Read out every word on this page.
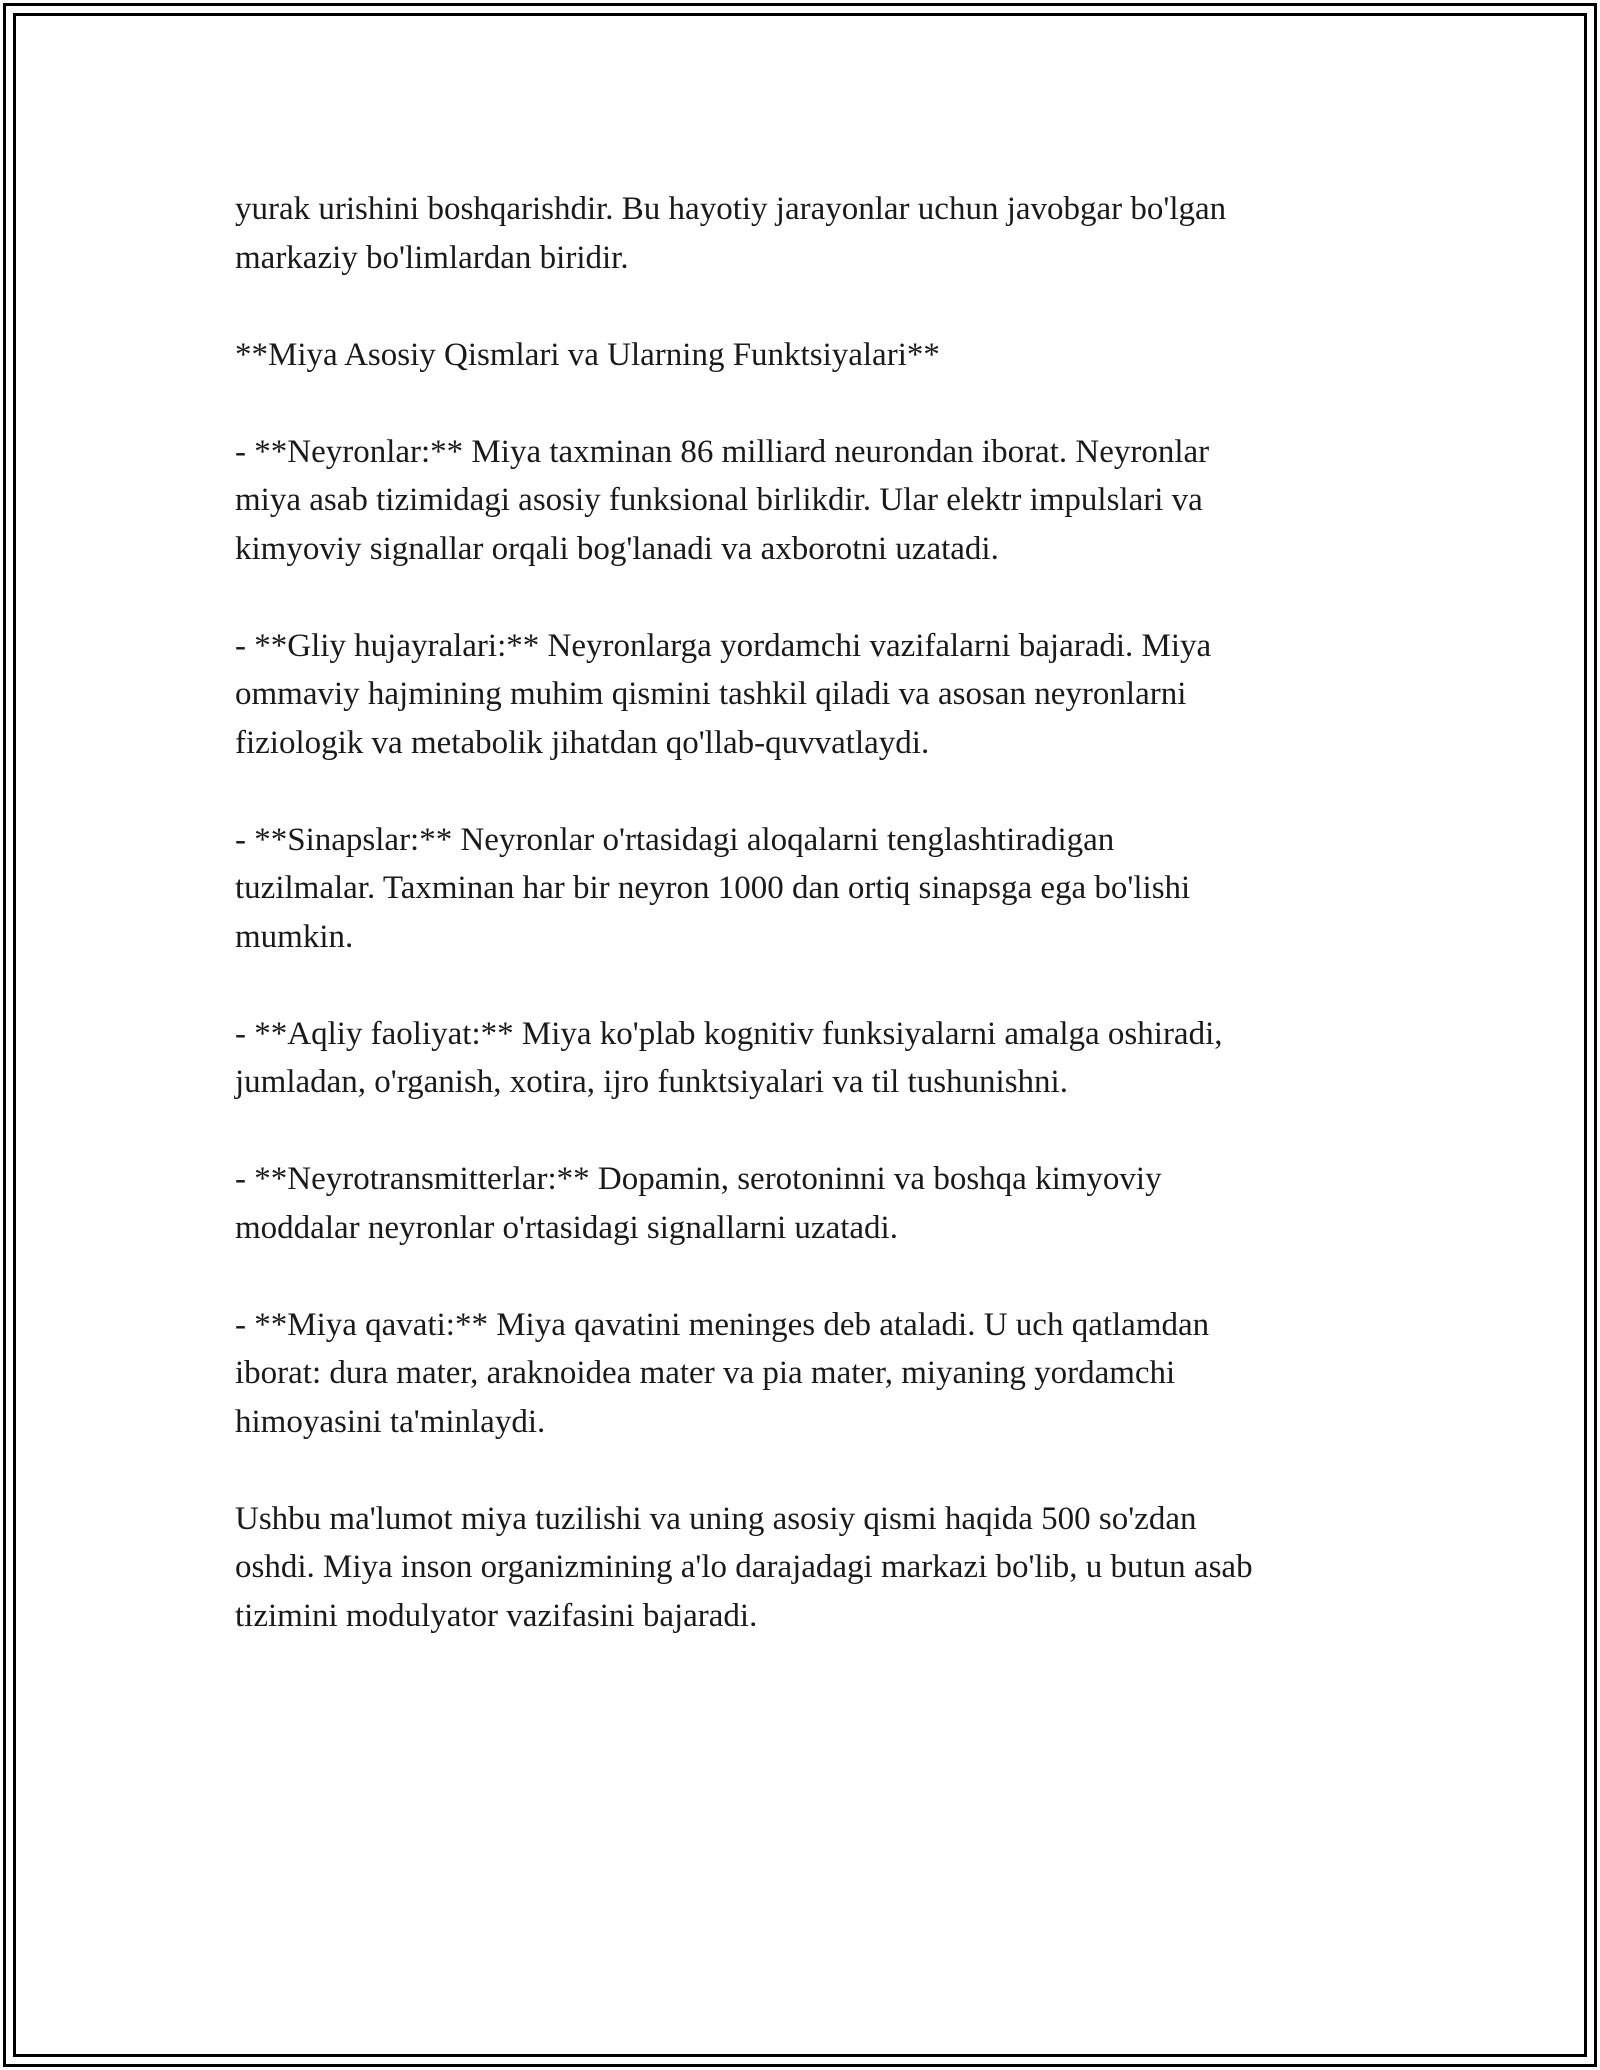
yurak urishini boshqarishdir. Bu hayotiy jarayonlar uchun javobgar bo'lgan
markaziy bo'limlardan biridir.

**Miya Asosiy Qismlari va Ularning Funktsiyalari**

- **Neyronlar:** Miya taxminan 86 milliard neurondan iborat. Neyronlar
miya asab tizimidagi asosiy funksional birlikdir. Ular elektr impulslari va
kimyoviy signallar orqali bog'lanadi va axborotni uzatadi.

- **Gliy hujayralari:** Neyronlarga yordamchi vazifalarni bajaradi. Miya
ommaviy hajmining muhim qismini tashkil qiladi va asosan neyronlarni
fiziologik va metabolik jihatdan qo'llab-quvvatlaydi.

- **Sinapslar:** Neyronlar o'rtasidagi aloqalarni tenglashtiradigan
tuzilmalar. Taxminan har bir neyron 1000 dan ortiq sinapsga ega bo'lishi
mumkin.

- **Aqliy faoliyat:** Miya ko'plab kognitiv funksiyalarni amalga oshiradi,
jumladan, o'rganish, xotira, ijro funktsiyalari va til tushunishni.

- **Neyrotransmitterlar:** Dopamin, serotoninni va boshqa kimyoviy
moddalar neyronlar o'rtasidagi signallarni uzatadi.

- **Miya qavati:** Miya qavatini meninges deb ataladi. U uch qatlamdan
iborat: dura mater, araknoidea mater va pia mater, miyaning yordamchi
himoyasini ta'minlaydi.

Ushbu ma'lumot miya tuzilishi va uning asosiy qismi haqida 500 so'zdan
oshdi. Miya inson organizmining a'lo darajadagi markazi bo'lib, u butun asab
tizimini modulyator vazifasini bajaradi.
